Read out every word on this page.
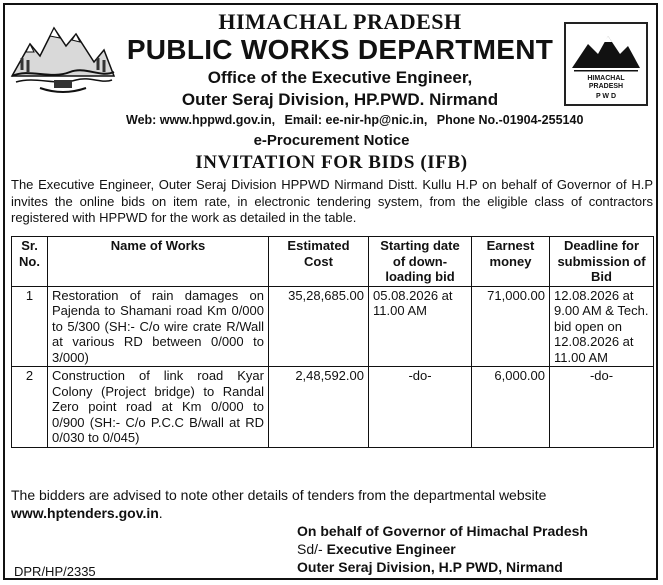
HIMACHAL
PRADESH
P W D
HIMACHAL PRADESH
PUBLIC WORKS DEPARTMENT
Office of the Executive Engineer,
Outer Seraj Division, HP.PWD. Nirmand
Web: www.hppwd.gov.in, Email: ee-nir-hp@nic.in, Phone No.-01904-255140
e-Procurement Notice
INVITATION FOR BIDS (IFB)
The Executive Engineer, Outer Seraj Division HPPWD Nirmand Distt. Kullu H.P on behalf of Governor of H.P invites the online bids on item rate, in electronic tendering system, from the eligible class of contractors registered with HPPWD for the work as detailed in the table.
Sr. No.	Name of Works	Estimated Cost	Starting date of down-loading bid	Earnest money	Deadline for submission of Bid
1	Restoration of rain damages on Pajenda to Shamani road Km 0/000 to 5/300 (SH:- C/o wire crate R/Wall at various RD between 0/000 to 3/000)	35,28,685.00	05.08.2026 at 11.00 AM	71,000.00	12.08.2026 at 9.00 AM & Tech. bid open on 12.08.2026 at 11.00 AM
2	Construction of link road Kyar Colony (Project bridge) to Randal Zero point road at Km 0/000 to 0/900 (SH:- C/o P.C.C B/wall at RD 0/030 to 0/045)	2,48,592.00	-do-	6,000.00	-do-
The bidders are advised to note other details of tenders from the departmental website www.hptenders.gov.in.
On behalf of Governor of Himachal Pradesh
Sd/- Executive Engineer
Outer Seraj Division, H.P PWD, Nirmand
DPR/HP/2335
